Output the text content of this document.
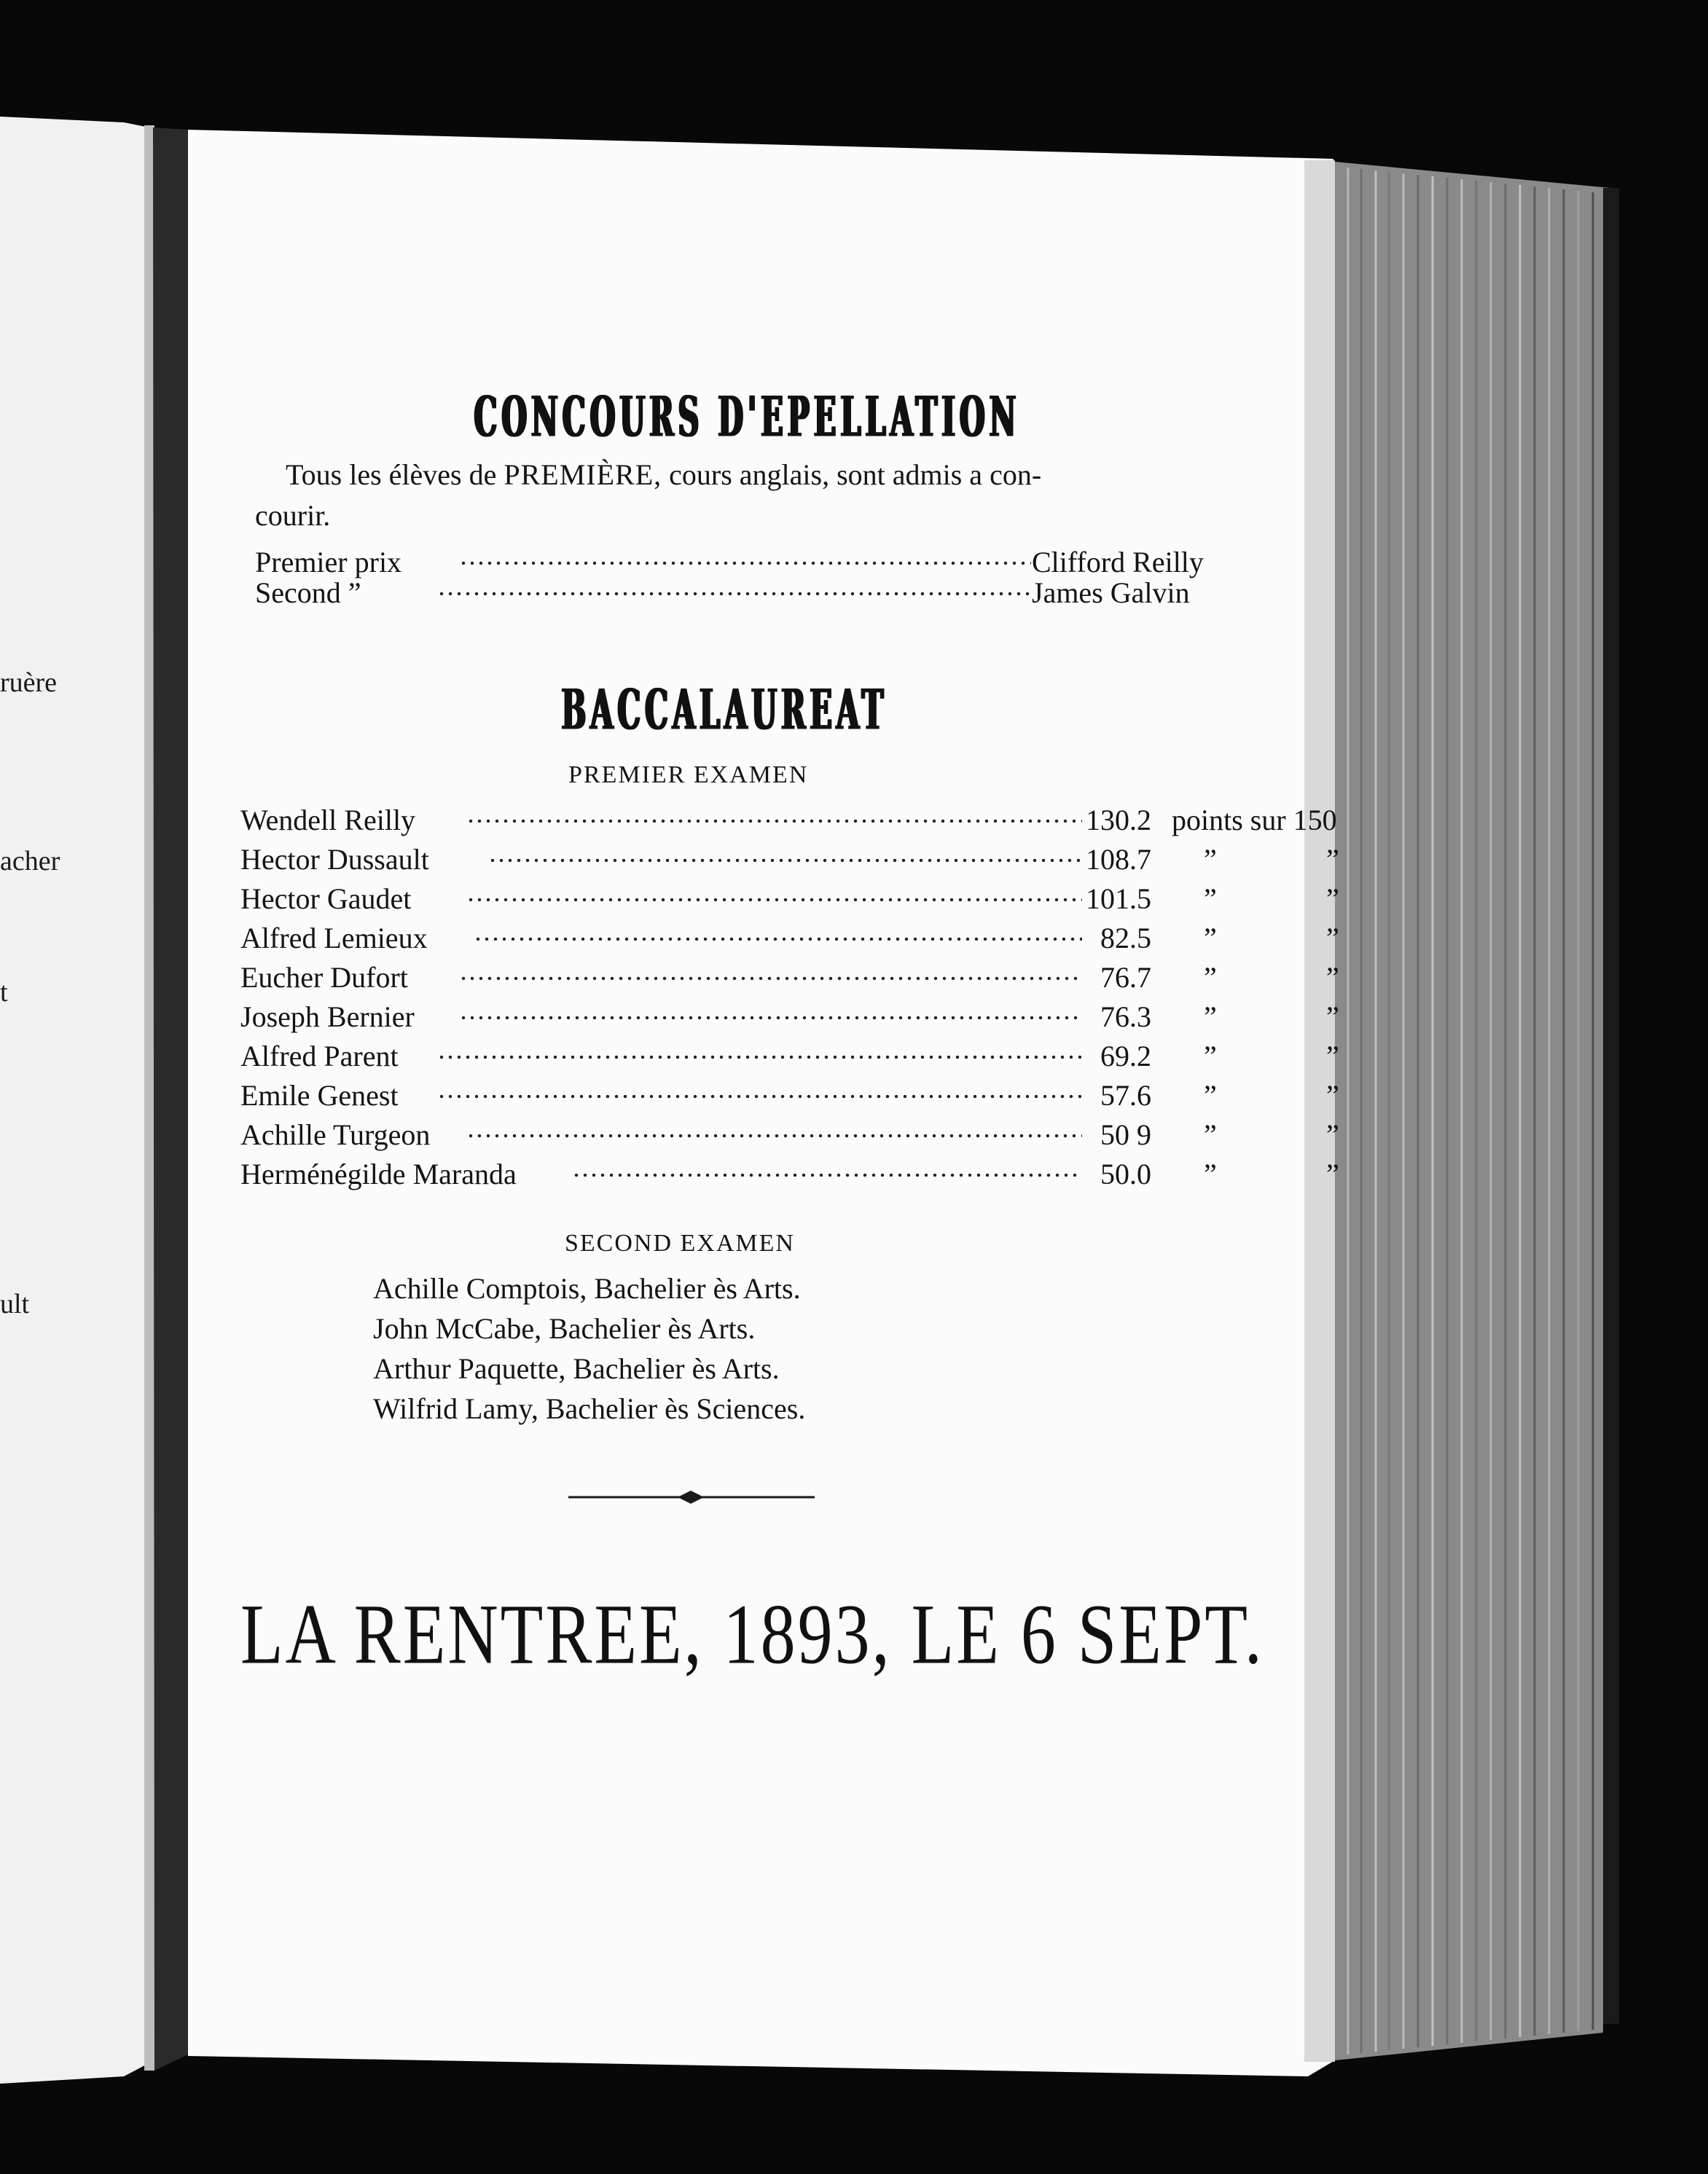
ruère
acher
t
ult
CONCOURS D'EPELLATION
Tous les élèves de PREMIÈRE, cours anglais, sont admis a con-
courir.
Premier prix	Clifford Reilly
Second ”	James Galvin
BACCALAUREAT
PREMIER EXAMEN
Wendell Reilly	130.2 points sur 150
Hector Dussault	108.7 ”	”
Hector Gaudet	101.5 ”	”
Alfred Lemieux	82.5 ”	”
Eucher Dufort	76.7 ”	”
Joseph Bernier	76.3 ”	”
Alfred Parent	69.2 ”	”
Emile Genest	57.6 ”	”
Achille Turgeon	50 9 ”	”
Herménégilde Maranda	50.0 ”	”
SECOND EXAMEN
Achille Comptois, Bachelier ès Arts.
John McCabe, Bachelier ès Arts.
Arthur Paquette, Bachelier ès Arts.
Wilfrid Lamy, Bachelier ès Sciences.
LA RENTREE, 1893, LE 6 SEPT.
